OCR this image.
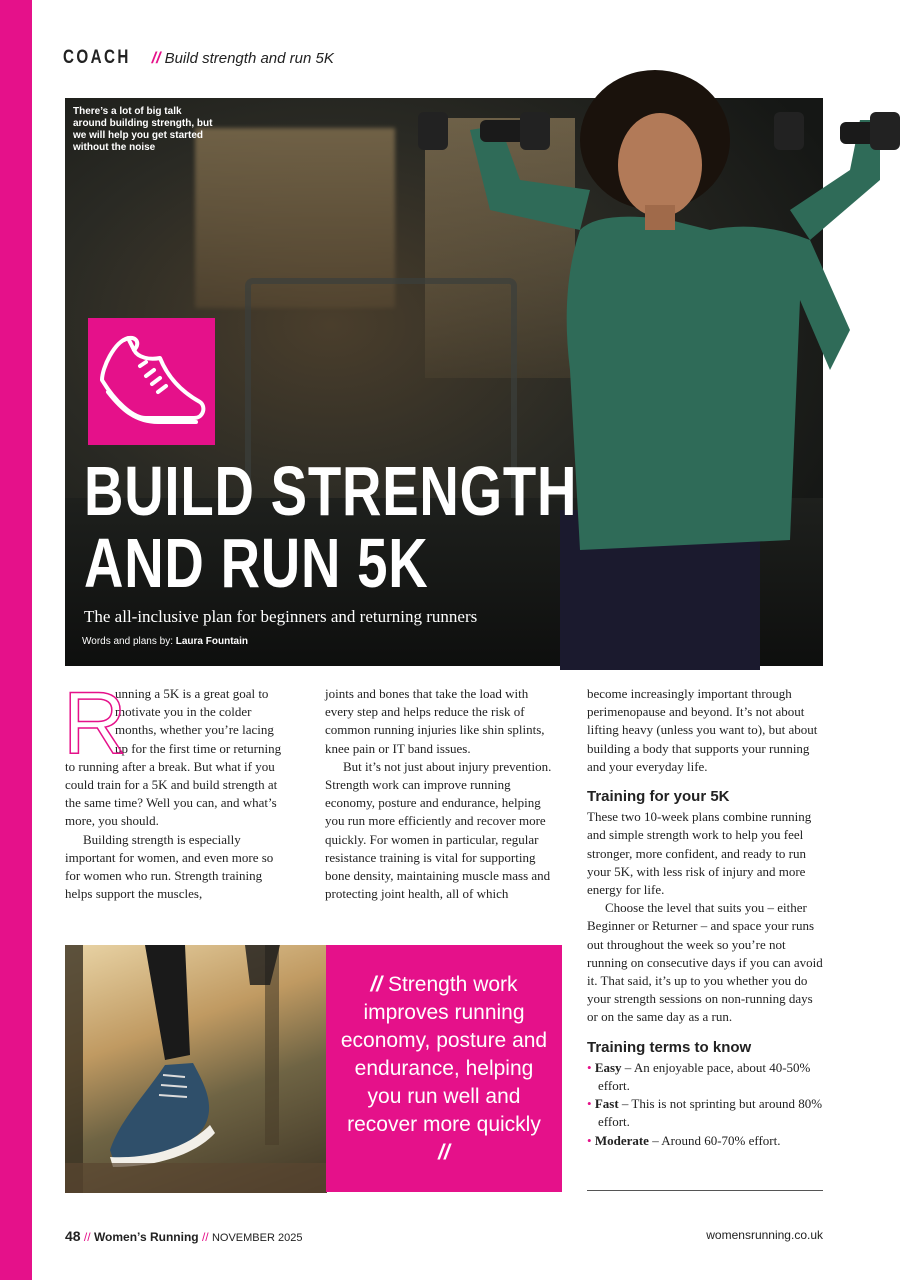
COACH // Build strength and run 5K
There’s a lot of big talk around building strength, but we will help you get started without the noise
BUILD STRENGTH
AND RUN 5K
The all-inclusive plan for beginners and returning runners
Words and plans by: Laura Fountain
R

unning a 5K is a great goal to motivate you in the colder months, whether you’re lacing up for the first time or returning to running after a break. But what if you could train for a 5K and build strength at the same time? Well you can, and what’s more, you should.

Building strength is especially important for women, and even more so for women who run. Strength training helps support the muscles,

joints and bones that take the load with every step and helps reduce the risk of common running injuries like shin splints, knee pain or IT band issues.

But it’s not just about injury prevention. Strength work can improve running economy, posture and endurance, helping you run more efficiently and recover more quickly. For women in particular, regular resistance training is vital for supporting bone density, maintaining muscle mass and protecting joint health, all of which

become increasingly important through perimenopause and beyond. It’s not about lifting heavy (unless you want to), but about building a body that supports your running and your everyday life.

Training for your 5K

These two 10-week plans combine running and simple strength work to help you feel stronger, more confident, and ready to run your 5K, with less risk of injury and more energy for life.

Choose the level that suits you – either Beginner or Returner – and space your runs out throughout the week so you’re not running on consecutive days if you can avoid it. That said, it’s up to you whether you do your strength sessions on non-running days or on the same day as a run.

Training terms to know
• Easy – An enjoyable pace, about 40-50% effort.
• Fast – This is not sprinting but around 80% effort.
• Moderate – Around 60-70% effort.
// Strength work improves running economy, posture and endurance, helping you run well and recover more quickly //
48 // Women’s Running // NOVEMBER 2025	womensrunning.co.uk
